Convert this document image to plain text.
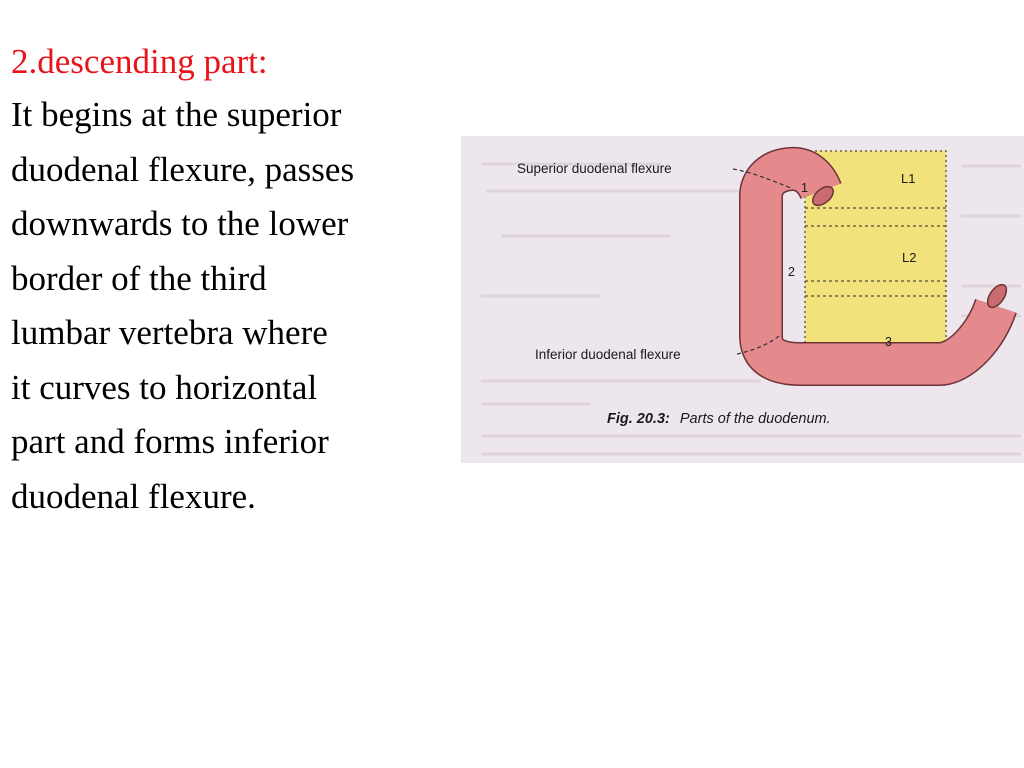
2.descending part:
It begins at the superior
duodenal flexure, passes
downwards to the lower
border of the third
lumbar vertebra where
it curves to horizontal
part and forms inferior
duodenal flexure.
Superior duodenal flexure
Inferior duodenal flexure
L1
L2
1
2
3
Fig. 20.3: Parts of the duodenum.
